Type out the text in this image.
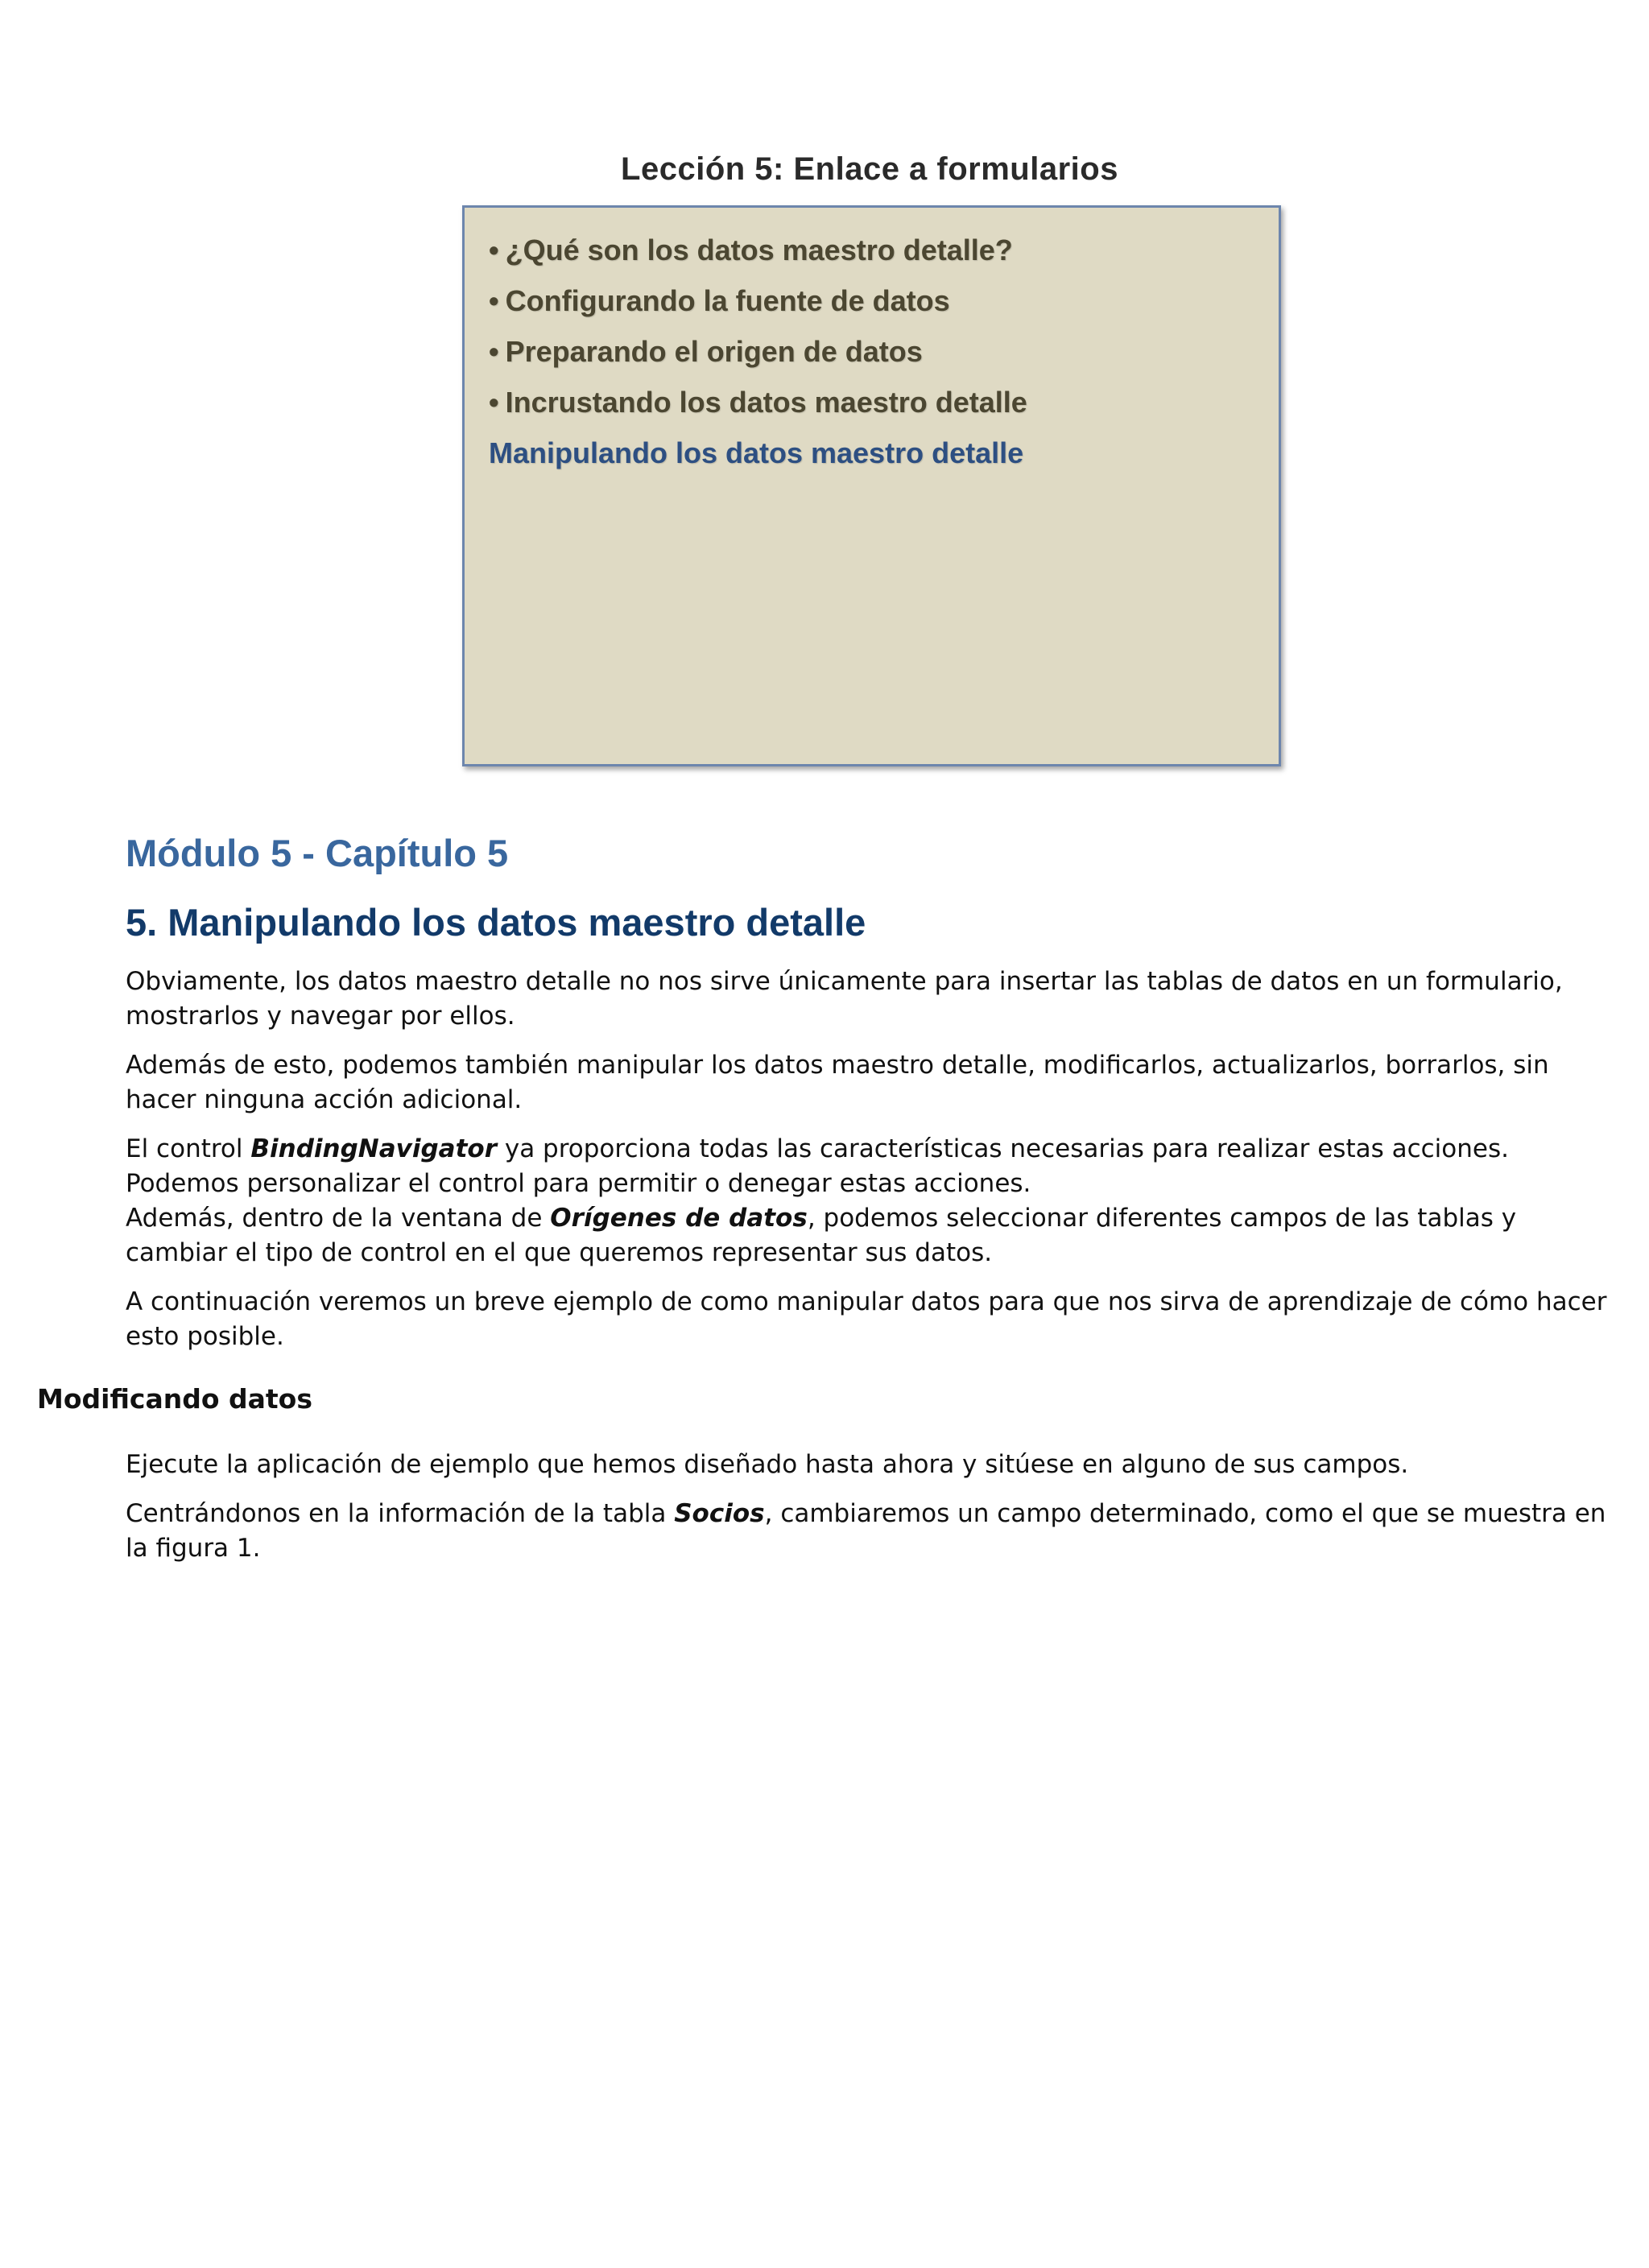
Lección 5: Enlace a formularios
• ¿Qué son los datos maestro detalle?
• Configurando la fuente de datos
• Preparando el origen de datos
• Incrustando los datos maestro detalle
Manipulando los datos maestro detalle
Módulo 5 - Capítulo 5
5. Manipulando los datos maestro detalle

Obviamente, los datos maestro detalle no nos sirve únicamente para insertar las tablas de datos en un formulario, mostrarlos y navegar por ellos.

Además de esto, podemos también manipular los datos maestro detalle, modificarlos, actualizarlos, borrarlos, sin hacer ninguna acción adicional.

El control BindingNavigator ya proporciona todas las características necesarias para realizar estas acciones.

Podemos personalizar el control para permitir o denegar estas acciones.

Además, dentro de la ventana de Orígenes de datos, podemos seleccionar diferentes campos de las tablas y cambiar el tipo de control en el que queremos representar sus datos.

A continuación veremos un breve ejemplo de como manipular datos para que nos sirva de aprendizaje de cómo hacer esto posible.

Modificando datos

Ejecute la aplicación de ejemplo que hemos diseñado hasta ahora y sitúese en alguno de sus campos.

Centrándonos en la información de la tabla Socios, cambiaremos un campo determinado, como el que se muestra en la figura 1.
